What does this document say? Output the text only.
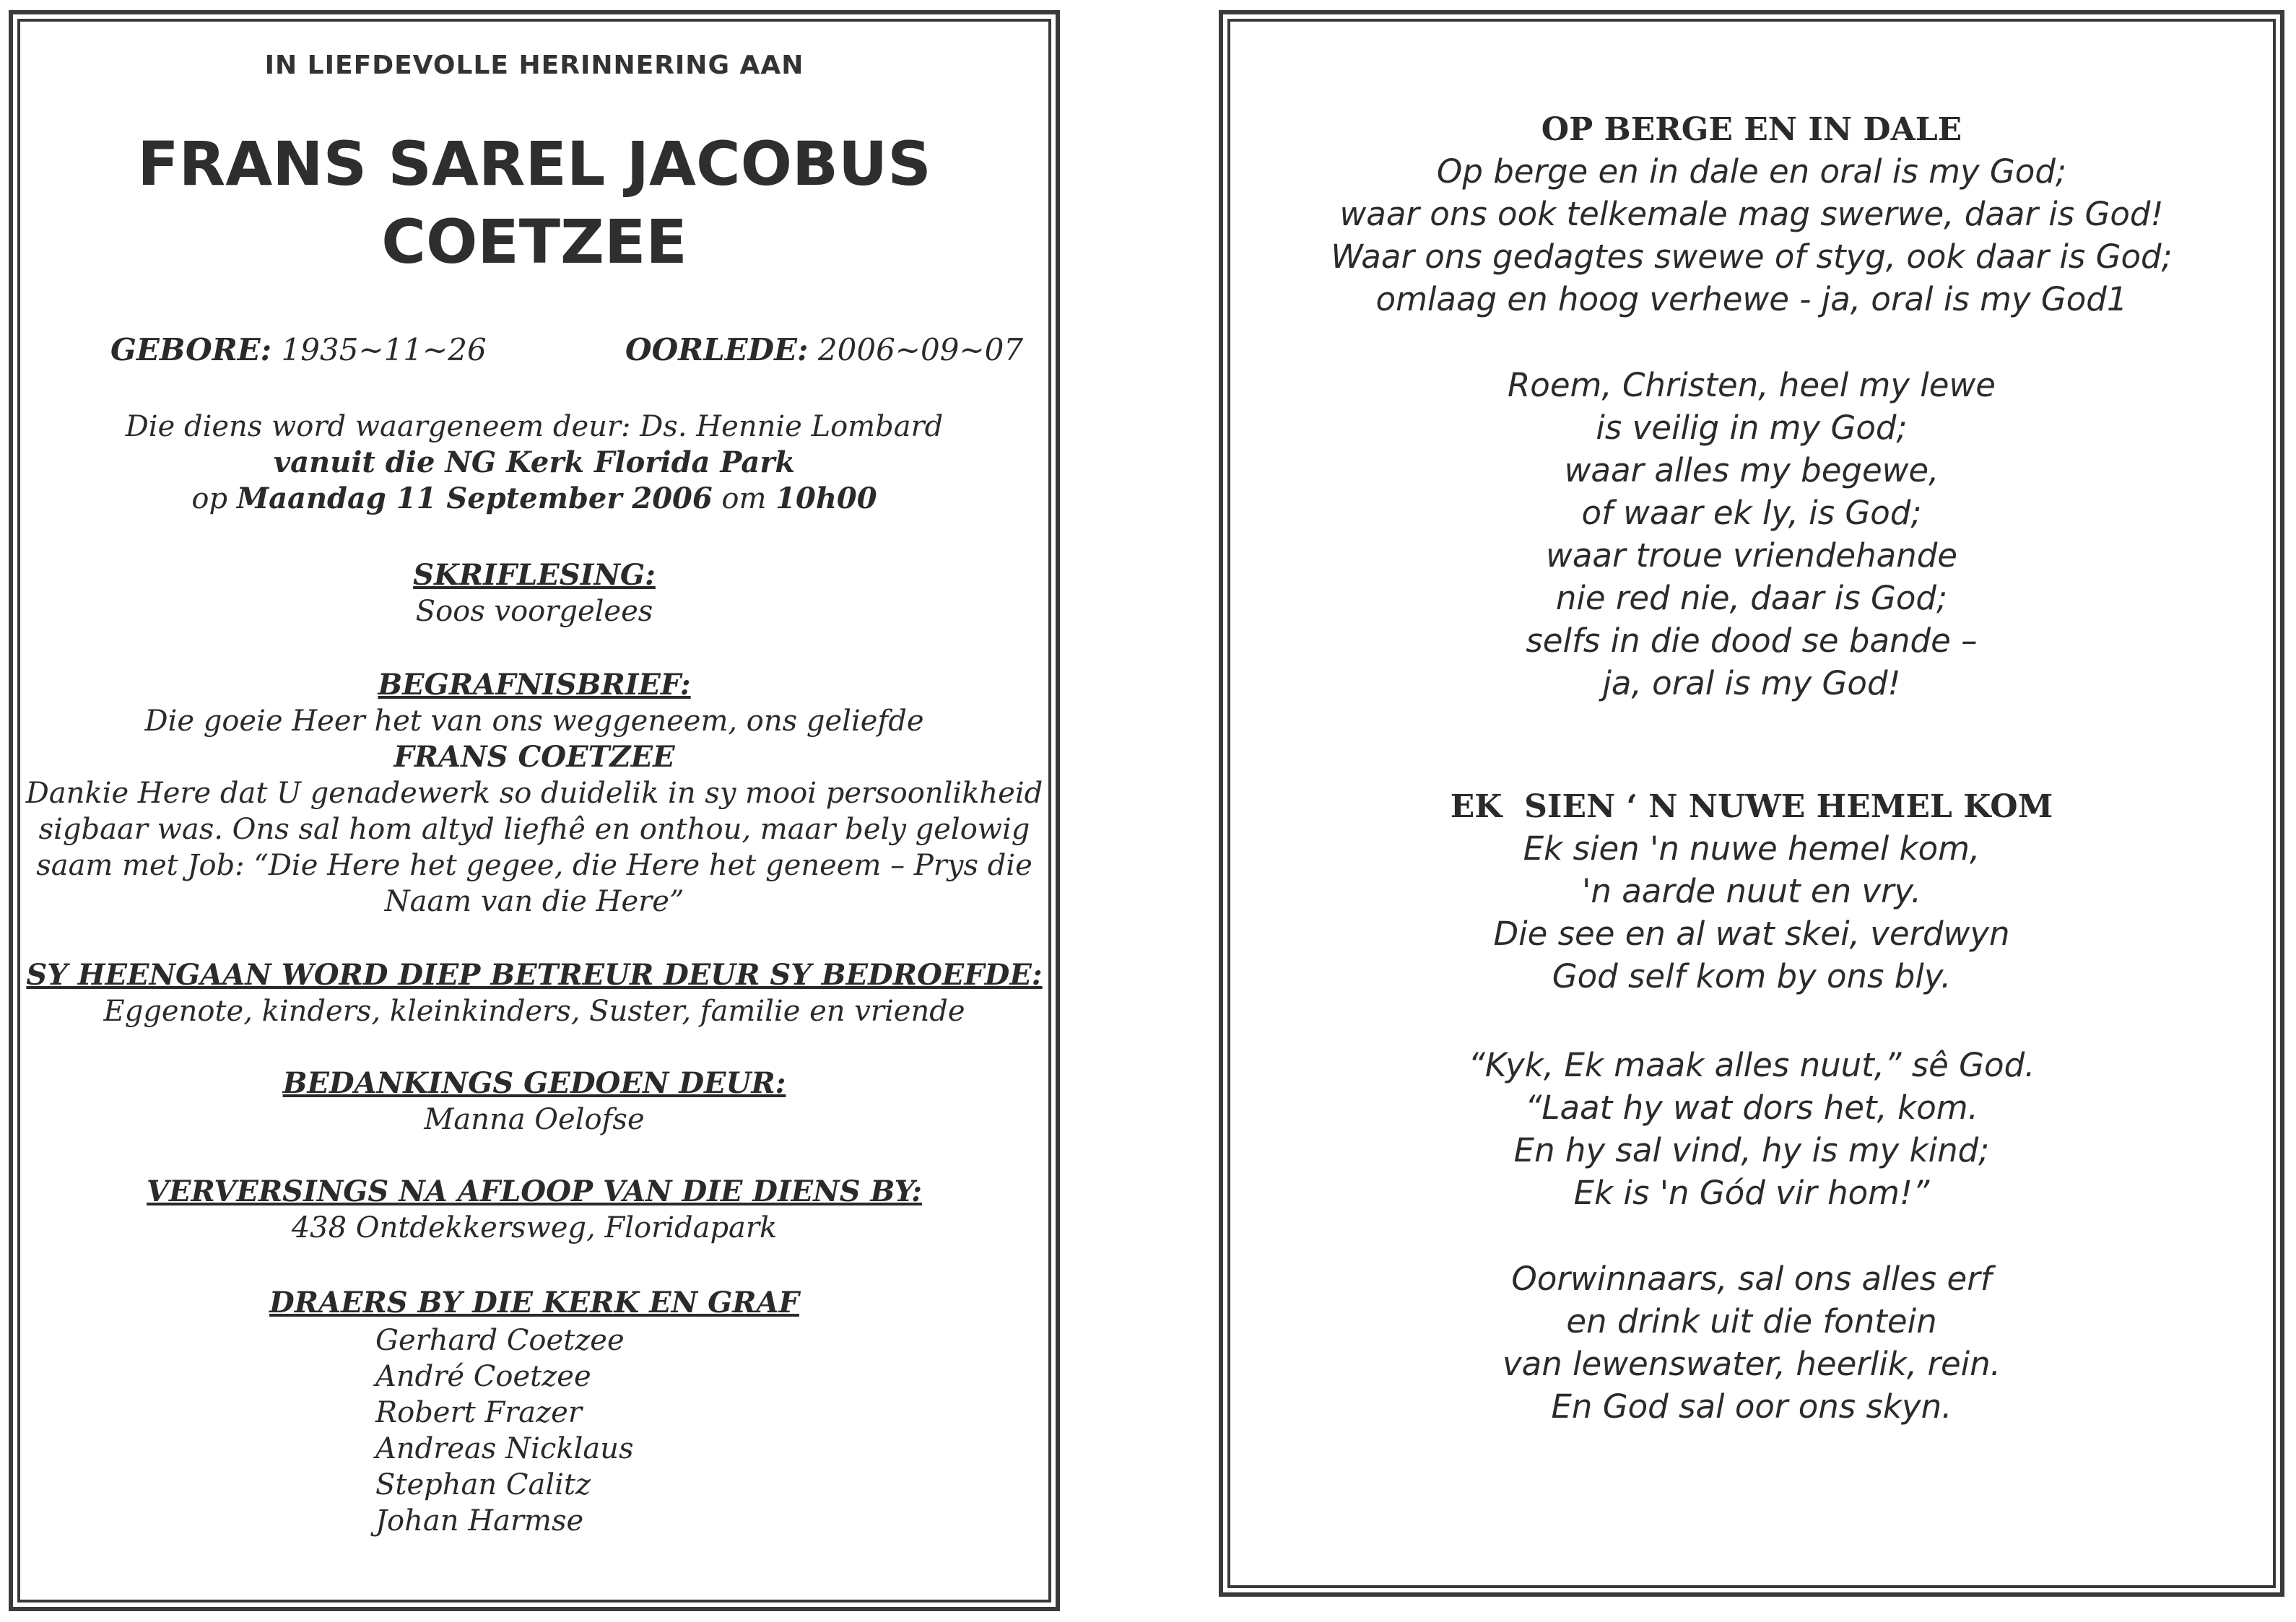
IN LIEFDEVOLLE HERINNERING AAN
FRANS SAREL JACOBUS
COETZEE
GEBORE: 1935~11~26	OORLEDE: 2006~09~07
Die diens word waargeneem deur: Ds. Hennie Lombard
vanuit die NG Kerk Florida Park
op Maandag 11 September 2006 om 10h00
SKRIFLESING:
Soos voorgelees
BEGRAFNISBRIEF:
Die goeie Heer het van ons weggeneem, ons geliefde
FRANS COETZEE
Dankie Here dat U genadewerk so duidelik in sy mooi persoonlikheid
sigbaar was. Ons sal hom altyd liefhê en onthou, maar bely gelowig
saam met Job: “Die Here het gegee, die Here het geneem – Prys die
Naam van die Here”
SY HEENGAAN WORD DIEP BETREUR DEUR SY BEDROEFDE:
Eggenote, kinders, kleinkinders, Suster, familie en vriende
BEDANKINGS GEDOEN DEUR:
Manna Oelofse
VERVERSINGS NA AFLOOP VAN DIE DIENS BY:
438 Ontdekkersweg, Floridapark
DRAERS BY DIE KERK EN GRAF
Gerhard Coetzee
André Coetzee
Robert Frazer
Andreas Nicklaus
Stephan Calitz
Johan Harmse
OP BERGE EN IN DALE
Op berge en in dale en oral is my God;
waar ons ook telkemale mag swerwe, daar is God!
Waar ons gedagtes swewe of styg, ook daar is God;
omlaag en hoog verhewe - ja, oral is my God1
Roem, Christen, heel my lewe
is veilig in my God;
waar alles my begewe,
of waar ek ly, is God;
waar troue vriendehande
nie red nie, daar is God;
selfs in die dood se bande –
ja, oral is my God!
EK  SIEN ‘ N NUWE HEMEL KOM
Ek sien 'n nuwe hemel kom,
'n aarde nuut en vry.
Die see en al wat skei, verdwyn
God self kom by ons bly.
“Kyk, Ek maak alles nuut,” sê God.
“Laat hy wat dors het, kom.
En hy sal vind, hy is my kind;
Ek is 'n Gód vir hom!”
Oorwinnaars, sal ons alles erf
en drink uit die fontein
van lewenswater, heerlik, rein.
En God sal oor ons skyn.
